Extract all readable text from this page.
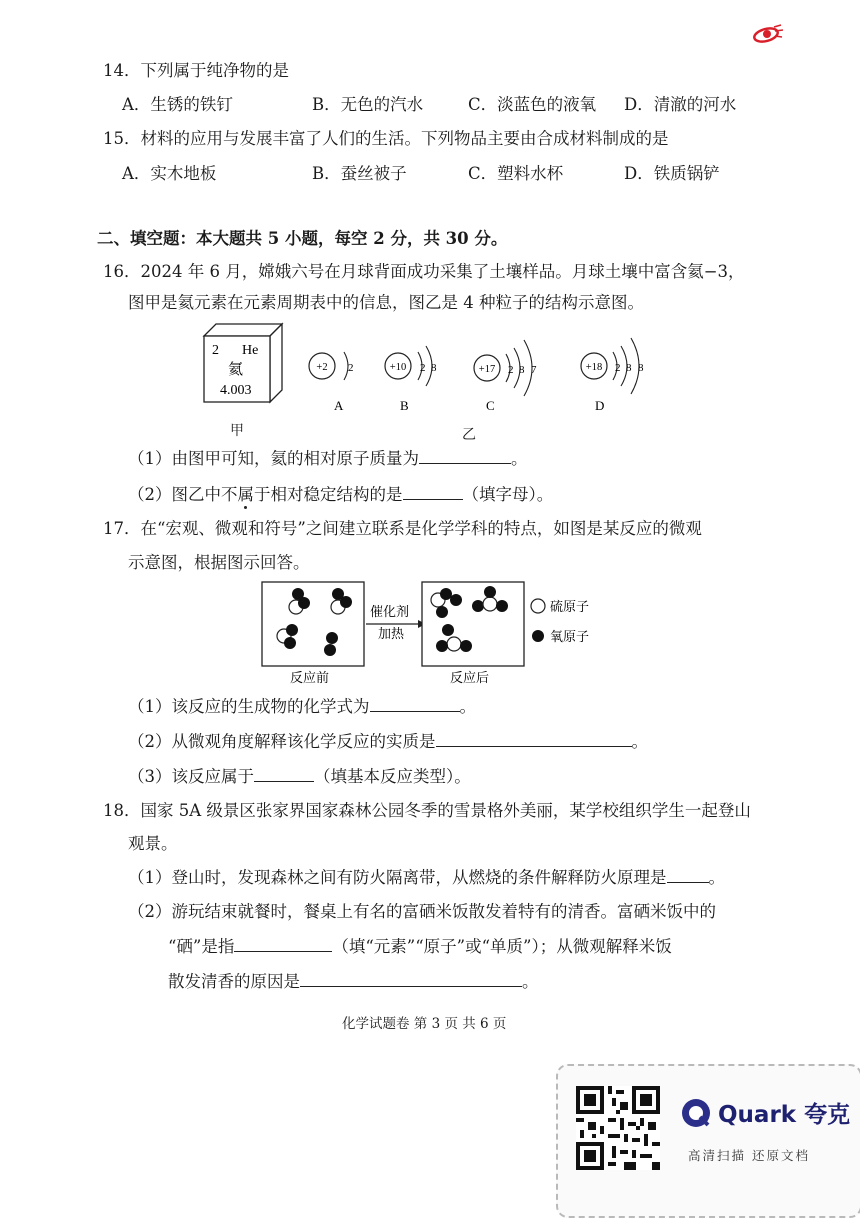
14．下列属于纯净物的是
A．生锈的铁钉	B．无色的汽水	C．淡蓝色的液氧 D．清澈的河水
15．材料的应用与发展丰富了人们的生活。下列物品主要由合成材料制成的是
A．实木地板	B．蚕丝被子	C．塑料水杯	D．铁质锅铲
二、填空题：本大题共 5 小题，每空 2 分，共 30 分。
16．2024 年 6 月，嫦娥六号在月球背面成功采集了土壤样品。月球土壤中富含氦−3，
图甲是氦元素在元素周期表中的信息，图乙是 4 种粒子的结构示意图。
2 He
氦
4.003
甲
+2 2
A
+10 2 8
B
+17 2 8 7
C
+18 2 8 8
D
乙
（1）由图甲可知，氦的相对原子质量为	。
（2）图乙中不属于相对稳定结构的是	（填字母）。
17．在“宏观、微观和符号”之间建立联系是化学学科的特点，如图是某反应的微观
示意图，根据图示回答。
催化剂
加热
硫原子
氧原子
反应前	反应后
（1）该反应的生成物的化学式为	。
（2）从微观角度解释该化学反应的实质是	。
（3）该反应属于	（填基本反应类型）。
18．国家 5A 级景区张家界国家森林公园冬季的雪景格外美丽，某学校组织学生一起登山
观景。
（1）登山时，发现森林之间有防火隔离带，从燃烧的条件解释防火原理是	。
（2）游玩结束就餐时，餐桌上有名的富硒米饭散发着特有的清香。富硒米饭中的
“硒”是指	（填“元素”“原子”或“单质”）；从微观解释米饭
散发清香的原因是	。
化学试题卷 第 3 页 共 6 页
Quark 夸克
高清扫描 还原文档
